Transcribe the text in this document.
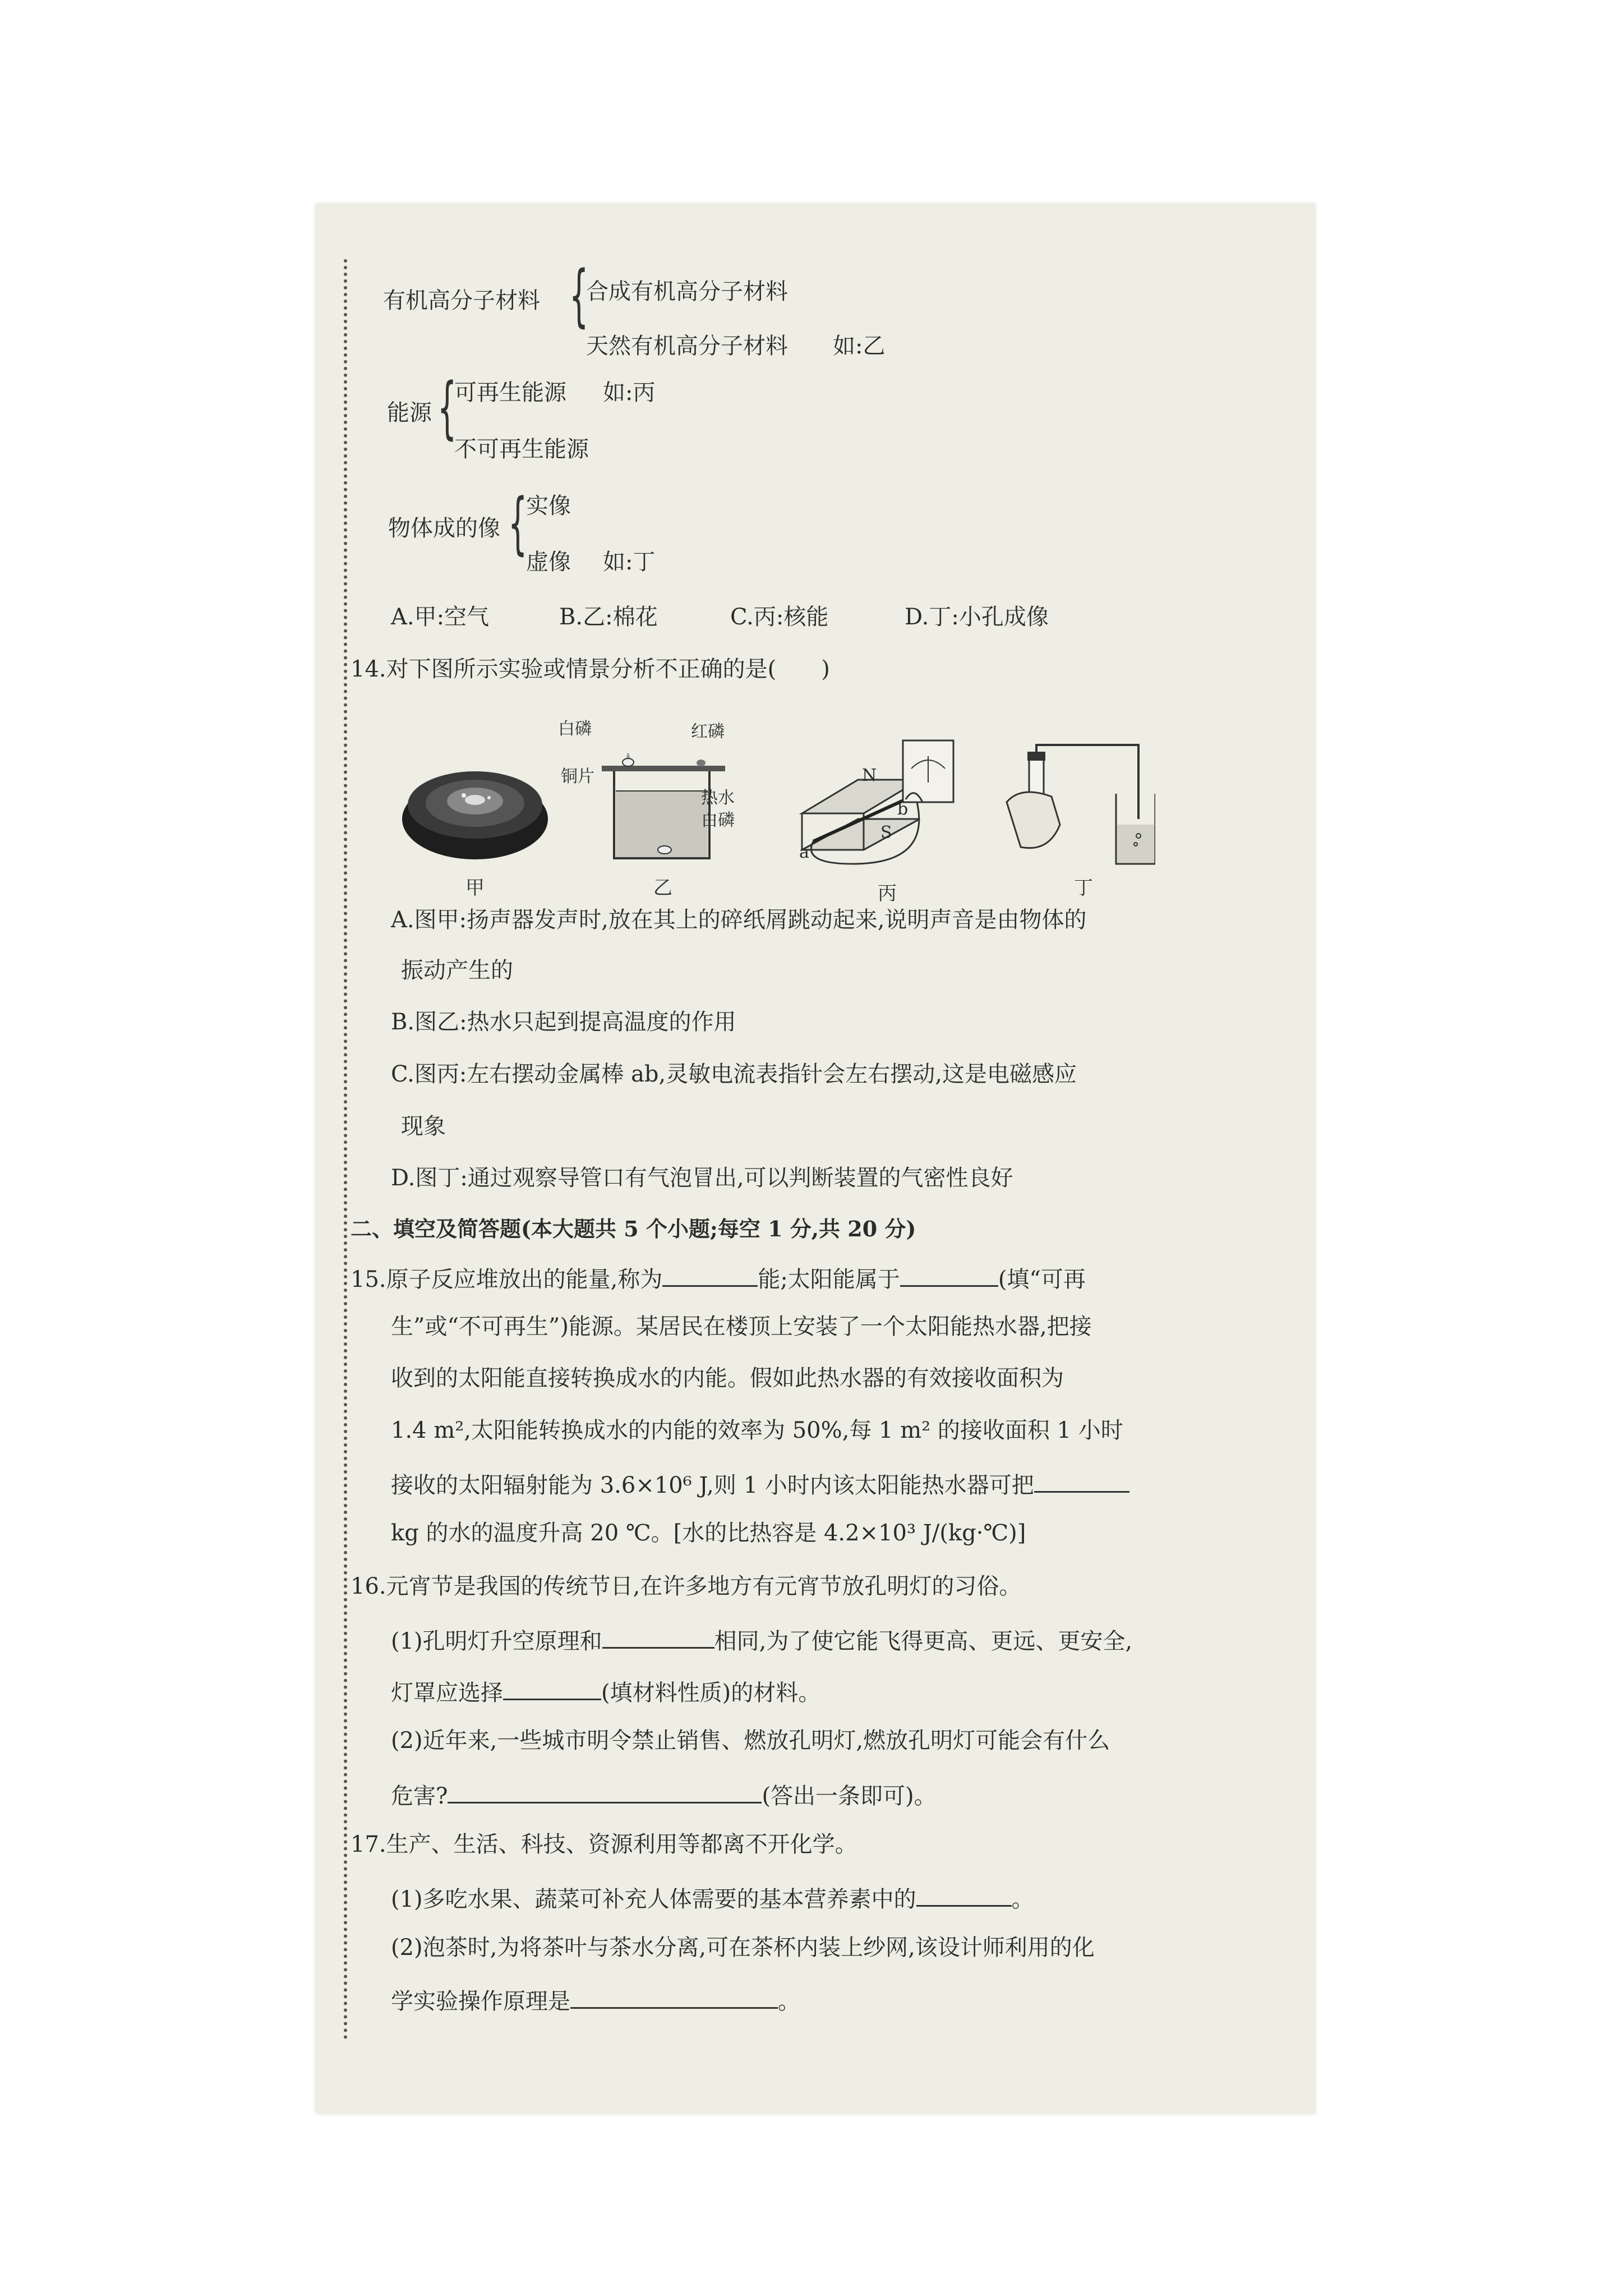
有机高分子材料 {
合成有机高分子材料
天然有机高分子材料 如:乙
能源 {
可再生能源 如:丙
不可再生能源
物体成的像 {
实像
虚像 如:丁
A.甲:空气	B.乙:棉花	C.丙:核能	D.丁:小孔成像
14.对下图所示实验或情景分析不正确的是(　　)
甲
白磷	红磷
铜片
热水
白磷
乙
N
S
a
b
丙	丁
A.图甲:扬声器发声时,放在其上的碎纸屑跳动起来,说明声音是由物体的
振动产生的
B.图乙:热水只起到提高温度的作用
C.图丙:左右摆动金属棒 ab,灵敏电流表指针会左右摆动,这是电磁感应
现象
D.图丁:通过观察导管口有气泡冒出,可以判断装置的气密性良好
二、填空及简答题(本大题共 5 个小题;每空 1 分,共 20 分)
15.原子反应堆放出的能量,称为	能;太阳能属于	(填“可再
生”或“不可再生”)能源。某居民在楼顶上安装了一个太阳能热水器,把接
收到的太阳能直接转换成水的内能。假如此热水器的有效接收面积为
1.4 m²,太阳能转换成水的内能的效率为 50%,每 1 m² 的接收面积 1 小时
接收的太阳辐射能为 3.6×10⁶ J,则 1 小时内该太阳能热水器可把
kg 的水的温度升高 20 ℃。[水的比热容是 4.2×10³ J/(kg·℃)]
16.元宵节是我国的传统节日,在许多地方有元宵节放孔明灯的习俗。
(1)孔明灯升空原理和	相同,为了使它能飞得更高、更远、更安全,
灯罩应选择	(填材料性质)的材料。
(2)近年来,一些城市明令禁止销售、燃放孔明灯,燃放孔明灯可能会有什么
危害?	(答出一条即可)。
17.生产、生活、科技、资源利用等都离不开化学。
(1)多吃水果、蔬菜可补充人体需要的基本营养素中的	。
(2)泡茶时,为将茶叶与茶水分离,可在茶杯内装上纱网,该设计师利用的化
学实验操作原理是	。
